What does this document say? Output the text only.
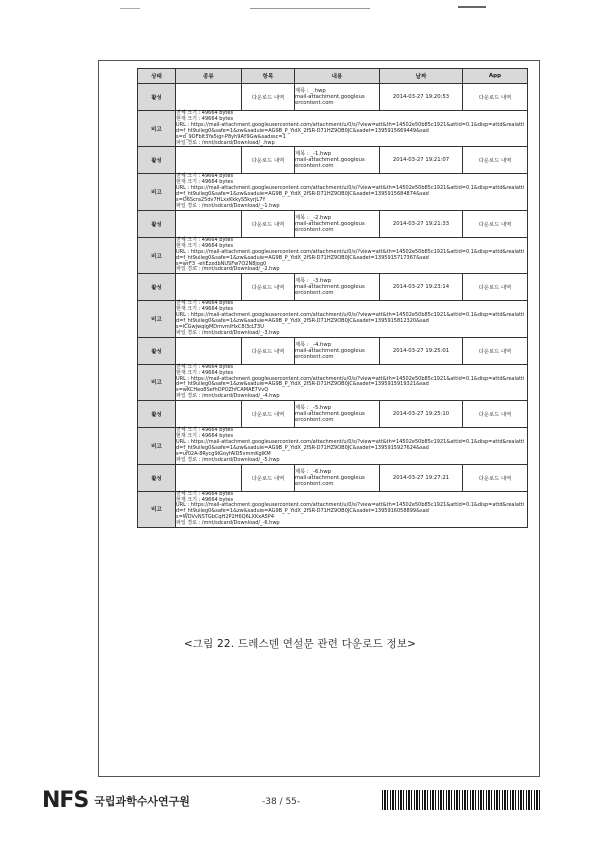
상태	종류	항목	내용	날짜	App
활성		다운로드 내역	제목 : _.hwp
mail-attachment.googleus
ercontent.com	2014-03-27 19:20:53	다운로드 내역
비고	전체 크기 : 49664 bytes
현재 크기 : 49664 bytes
URL : https://mail-attachment.googleusercontent.com/attachment/u/0/s/?view=att&th=14502e50b85c1921&attid=0.1&disp=attd&realattid=f_ht9uileg0&safe=1&zw&saduie=AG9B_P_YidX_2fSR-D71HZ9OB0JC&sadet=1395915669449&sad
s=d_9OFbIt3Ya5igr-P8yh9AY9Gw&sadssc=1
파일 경로 : /mnt/sdcard/Download/_.hwp				

활성		다운로드 내역	제목 : _-1.hwp
mail-attachment.googleus
ercontent.com	2014-03-27 19:21:07	다운로드 내역
비고	전체 크기 : 49664 bytes
현재 크기 : 49664 bytes
URL : https://mail-attachment.googleusercontent.com/attachment/u/0/s/?view=att&th=14502e50b85c1921&attid=0.1&disp=attd&realattid=f_ht9uileg0&safe=1&zw&saduie=AG9B_P_YidX_2fSR-D71HZ9OB0JC&sadet=1395915684874&sad
s=O6Scra25dv7HLxxKkkyS5kyrjL7Y
파일 경로 : /mnt/sdcard/Download/_-1.hwp				

활성		다운로드 내역	제목 : _-2.hwp
mail-attachment.googleus
ercontent.com	2014-03-27 19:21:33	다운로드 내역
비고	전체 크기 : 49664 bytes
현재 크기 : 49664 bytes
URL : https://mail-attachment.googleusercontent.com/attachment/u/0/s/?view=att&th=14502e50b85c1921&attid=0.1&disp=attd&realattid=f_ht9uileg0&safe=1&zw&saduie=AG9B_P_YidX_2fSR-D71HZ9OB0JC&sadet=1395915717367&sad
s=wrF3_-ehEzxdbNUSFw7O2N8jog0
파일 경로 : /mnt/sdcard/Download/_-2.hwp				

활성		다운로드 내역	제목 : _-3.hwp
mail-attachment.googleus
ercontent.com	2014-03-27 19:23:14	다운로드 내역
비고	전체 크기 : 49664 bytes
현재 크기 : 49664 bytes
URL : https://mail-attachment.googleusercontent.com/attachment/u/0/s/?view=att&th=14502e50b85c1921&attid=0.1&disp=attd&realattid=f_ht9uileg0&safe=1&zw&saduie=AG9B_P_YidX_2fSR-D71HZ9OB0JC&sadet=1395915812320&sad
s=lCGwJwqlgMDmvmlHxC8l3cLT3U
파일 경로 : /mnt/sdcard/Download/_-3.hwp				

활성		다운로드 내역	제목 : _-4.hwp
mail-attachment.googleus
ercontent.com	2014-03-27 19:25:01	다운로드 내역
비고	전체 크기 : 49664 bytes
현재 크기 : 49664 bytes
URL : https://mail-attachment.googleusercontent.com/attachment/u/0/s/?view=att&th=14502e50b85c1921&attid=0.1&disp=attd&realattid=f_ht9uileg0&safe=1&zw&saduie=AG9B_P_YidX_2fSR-D71HZ9OB0JC&sadet=1395915919321&sad
s=wKCHeo8SefhOPOZhfCAMAE7VvQ
파일 경로 : /mnt/sdcard/Download/_-4.hwp				

활성		다운로드 내역	제목 : _-5.hwp
mail-attachment.googleus
ercontent.com	2014-03-27 19:25:10	다운로드 내역
비고	전체 크기 : 49664 bytes
현재 크기 : 49664 bytes
URL : https://mail-attachment.googleusercontent.com/attachment/u/0/s/?view=att&th=14502e50b85c1921&attid=0.1&disp=attd&realattid=f_ht9uileg0&safe=1&zw&saduie=AG9B_P_YidX_2fSR-D71HZ9OB0JC&sadet=1395915927624&sad
s=uf02A-8Rycg9lGoyfAlD5vmmKgIKM
파일 경로 : /mnt/sdcard/Download/_-5.hwp				

활성		다운로드 내역	제목 : _-6.hwp
mail-attachment.googleus
ercontent.com	2014-03-27 19:27:21	다운로드 내역
비고	전체 크기 : 49664 bytes
현재 크기 : 49664 bytes
URL : https://mail-attachment.googleusercontent.com/attachment/u/0/s/?view=att&th=14502e50b85c1921&attid=0.1&disp=attd&realattid=f_ht9uileg0&safe=1&zw&saduie=AG9B_P_YidX_2fSR-D71HZ9OB0JC&sadet=1395916058899&sad
s=WDVvNSTGbCqH2P2H6Q6LXKxA5P4
파일 경로 : /mnt/sdcard/Download/_-6.hwp				
<그림 22. 드레스덴 연설문 관련 다운로드 정보>
NFS 국립과학수사연구원	-38 / 55-
